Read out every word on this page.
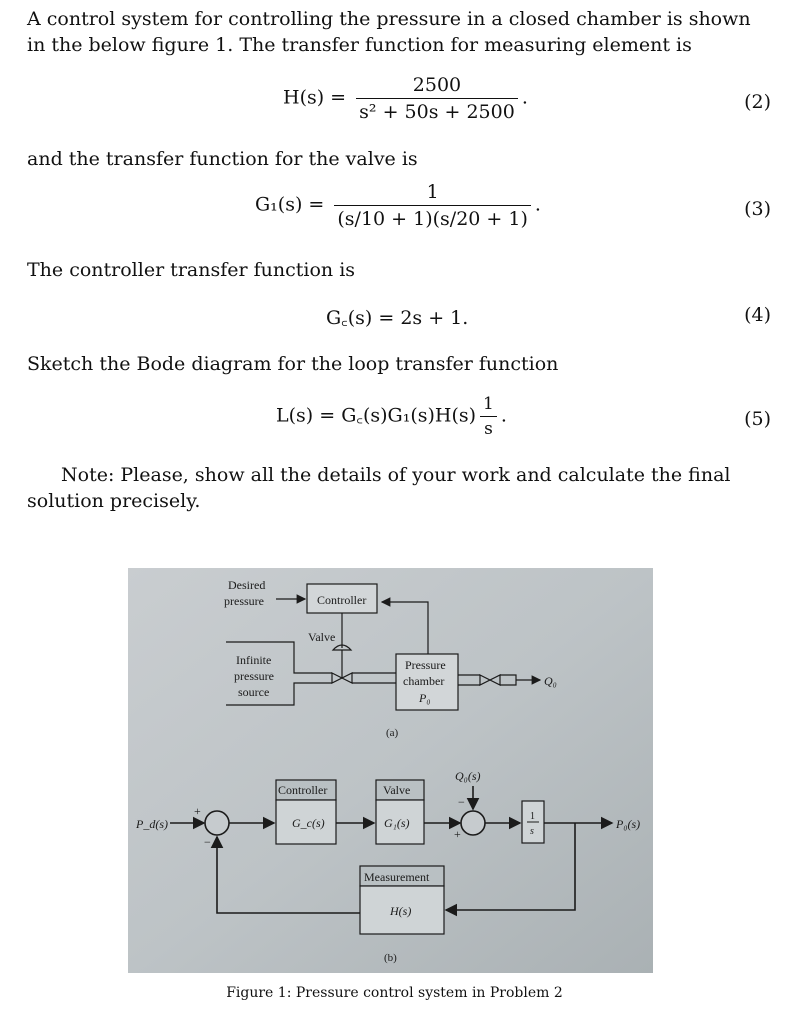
A control system for controlling the pressure in a closed chamber is shown in the below figure 1. The transfer function for measuring element is
$H(s) = \frac{2500}{\text{s² + 50s + 2500}}$ .	(2)
and the transfer function for the valve is
$G_1(s) = \frac{1}{(s/10 + 1)(s/20 + 1)}$ .	(3)
The controller transfer function is
G꜀(s) = 2s + 1.	(4)
Sketch the Bode diagram for the loop transfer function
L(s) = G꜀(s)G₁(s)H(s) $\frac{1}{s}$ .	(5)
Note: Please, show all the details of your work and calculate the final solution precisely.
Desired
pressure	Controller
Valve
Infinite
pressure
source
Pressure
chamber
P₀
Q₀
(a)
P_d(s)
+
−
Controller
G_c(s)
Valve
G₁(s)
Q₀(s)
−
+
1
s
P₀(s)
Measurement
H(s)
(b)
Figure 1: Pressure control system in Problem 2
